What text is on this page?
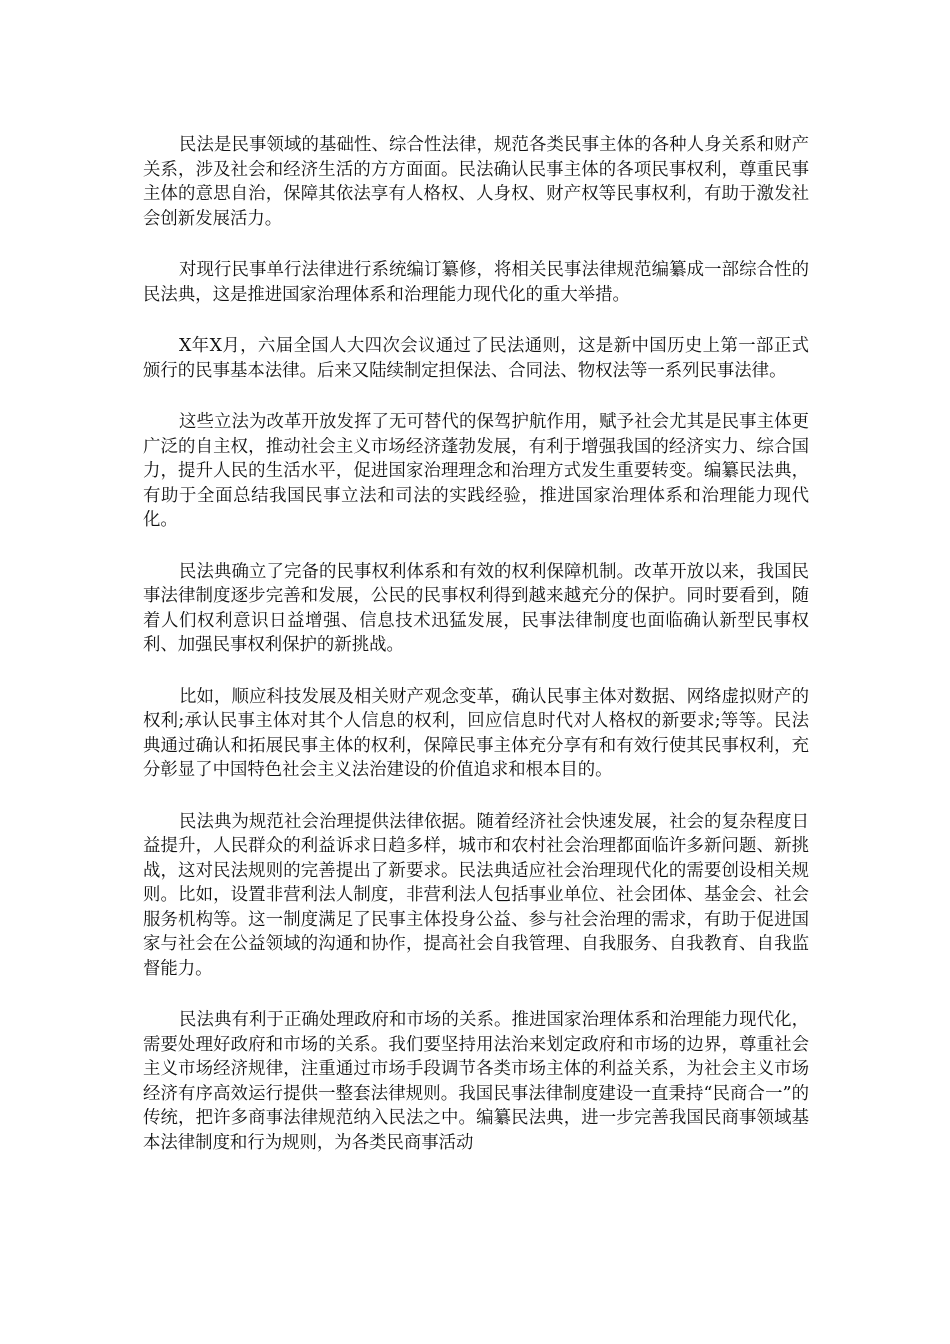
民法是民事领域的基础性、综合性法律，规范各类民事主体的各种人身关系和财产关系，涉及社会和经济生活的方方面面。民法确认民事主体的各项民事权利，尊重民事主体的意思自治，保障其依法享有人格权、人身权、财产权等民事权利，有助于激发社会创新发展活力。

对现行民事单行法律进行系统编订纂修，将相关民事法律规范编纂成一部综合性的民法典，这是推进国家治理体系和治理能力现代化的重大举措。

X年X月，六届全国人大四次会议通过了民法通则，这是新中国历史上第一部正式颁行的民事基本法律。后来又陆续制定担保法、合同法、物权法等一系列民事法律。

这些立法为改革开放发挥了无可替代的保驾护航作用，赋予社会尤其是民事主体更广泛的自主权，推动社会主义市场经济蓬勃发展，有利于增强我国的经济实力、综合国力，提升人民的生活水平，促进国家治理理念和治理方式发生重要转变。编纂民法典，有助于全面总结我国民事立法和司法的实践经验，推进国家治理体系和治理能力现代化。

民法典确立了完备的民事权利体系和有效的权利保障机制。改革开放以来，我国民事法律制度逐步完善和发展，公民的民事权利得到越来越充分的保护。同时要看到，随着人们权利意识日益增强、信息技术迅猛发展，民事法律制度也面临确认新型民事权利、加强民事权利保护的新挑战。

比如，顺应科技发展及相关财产观念变革，确认民事主体对数据、网络虚拟财产的权利;承认民事主体对其个人信息的权利，回应信息时代对人格权的新要求;等等。民法典通过确认和拓展民事主体的权利，保障民事主体充分享有和有效行使其民事权利，充分彰显了中国特色社会主义法治建设的价值追求和根本目的。

民法典为规范社会治理提供法律依据。随着经济社会快速发展，社会的复杂程度日益提升，人民群众的利益诉求日趋多样，城市和农村社会治理都面临许多新问题、新挑战，这对民法规则的完善提出了新要求。民法典适应社会治理现代化的需要创设相关规则。比如，设置非营利法人制度，非营利法人包括事业单位、社会团体、基金会、社会服务机构等。这一制度满足了民事主体投身公益、参与社会治理的需求，有助于促进国家与社会在公益领域的沟通和协作，提高社会自我管理、自我服务、自我教育、自我监督能力。

民法典有利于正确处理政府和市场的关系。推进国家治理体系和治理能力现代化，需要处理好政府和市场的关系。我们要坚持用法治来划定政府和市场的边界，尊重社会主义市场经济规律，注重通过市场手段调节各类市场主体的利益关系，为社会主义市场经济有序高效运行提供一整套法律规则。我国民事法律制度建设一直秉持“民商合一”的传统，把许多商事法律规范纳入民法之中。编纂民法典，进一步完善我国民商事领域基本法律制度和行为规则，为各类民商事活动
